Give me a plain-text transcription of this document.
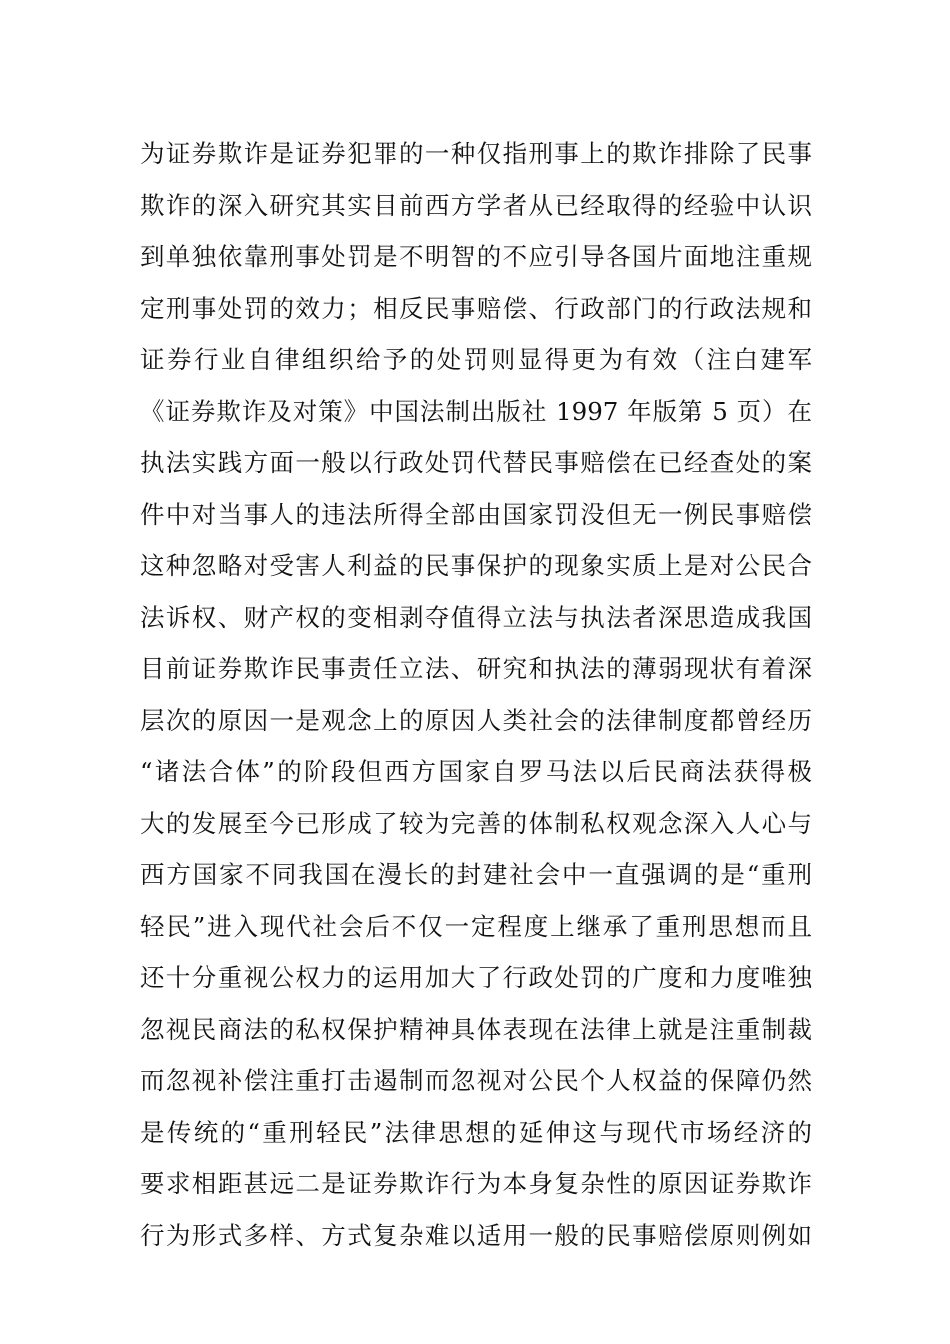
为证券欺诈是证券犯罪的一种仅指刑事上的欺诈排除了民事
欺诈的深入研究其实目前西方学者从已经取得的经验中认识
到单独依靠刑事处罚是不明智的不应引导各国片面地注重规
定刑事处罚的效力；相反民事赔偿、行政部门的行政法规和
证券行业自律组织给予的处罚则显得更为有效（注白建军
《证券欺诈及对策》中国法制出版社 1997 年版第 5 页）在
执法实践方面一般以行政处罚代替民事赔偿在已经查处的案
件中对当事人的违法所得全部由国家罚没但无一例民事赔偿
这种忽略对受害人利益的民事保护的现象实质上是对公民合
法诉权、财产权的变相剥夺值得立法与执法者深思造成我国
目前证券欺诈民事责任立法、研究和执法的薄弱现状有着深
层次的原因一是观念上的原因人类社会的法律制度都曾经历
“诸法合体”的阶段但西方国家自罗马法以后民商法获得极
大的发展至今已形成了较为完善的体制私权观念深入人心与
西方国家不同我国在漫长的封建社会中一直强调的是“重刑
轻民”进入现代社会后不仅一定程度上继承了重刑思想而且
还十分重视公权力的运用加大了行政处罚的广度和力度唯独
忽视民商法的私权保护精神具体表现在法律上就是注重制裁
而忽视补偿注重打击遏制而忽视对公民个人权益的保障仍然
是传统的“重刑轻民”法律思想的延伸这与现代市场经济的
要求相距甚远二是证券欺诈行为本身复杂性的原因证券欺诈
行为形式多样、方式复杂难以适用一般的民事赔偿原则例如
